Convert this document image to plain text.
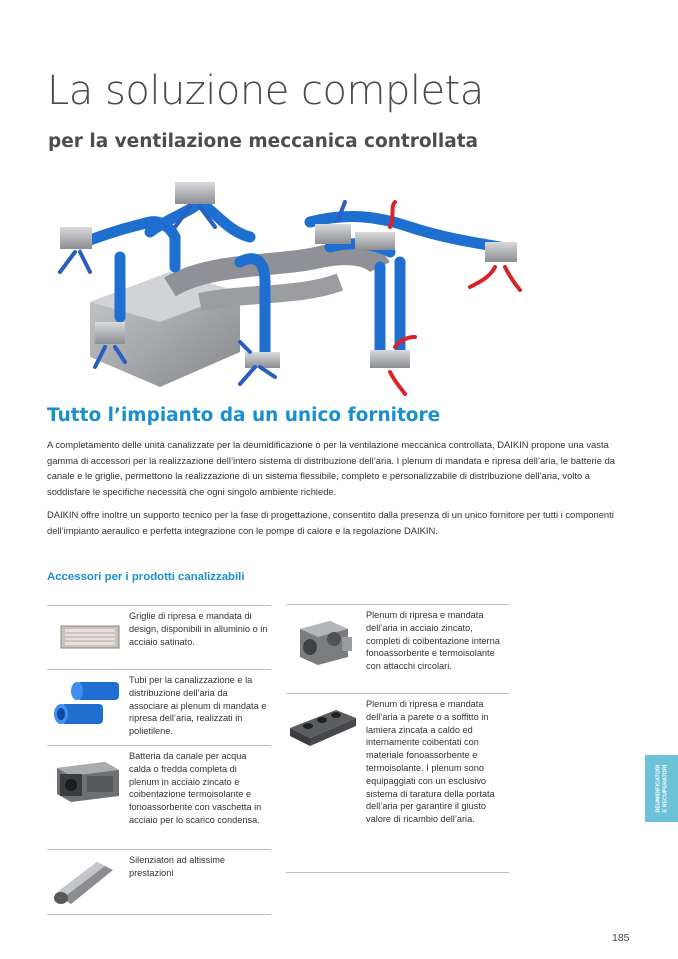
La soluzione completa
per la ventilazione meccanica controllata
Tutto l’impianto da un unico fornitore

A completamento delle unità canalizzate per la deumidificazione o per la ventilazione meccanica controllata, DAIKIN propone una vasta gamma di accessori per la realizzazione dell’intero sistema di distribuzione dell’aria. I plenum di mandata e ripresa dell’aria, le batterie da canale e le griglie, permettono la realizzazione di un sistema flessibile, completo e personalizzabile di distribuzione dell’aria, volto a soddisfare le specifiche necessità che ogni singolo ambiente richiede.

DAIKIN offre inoltre un supporto tecnico per la fase di progettazione, consentito dalla presenza di un unico fornitore per tutti i componenti dell’impianto aeraulico e perfetta integrazione con le pompe di calore e la regolazione DAIKIN.

Accessori per i prodotti canalizzabili

Griglie di ripresa e mandata di design, disponibili in alluminio o in acciaio satinato.

Tubi per la canalizzazione e la distribuzione dell’aria da associare ai plenum di mandata e ripresa dell’aria, realizzati in polietilene.

Batteria da canale per acqua calda o fredda completa di plenum in acciaio zincato e coibentazione termoisolante e fonoassorbente con vaschetta in acciaio per lo scarico condensa.

Silenziatori ad altissime prestazioni

Plenum di ripresa e mandata dell’aria in acciaio zincato, completi di coibentazione interna fonoassorbente e termoisolante con attacchi circolari.

Plenum di ripresa e mandata dell’aria a parete o a soffitto in lamiera zincata a caldo ed internamente coibentati con materiale fonoassorbente e termoisolante. I plenum sono equipaggiati con un esclusivo sistema di taratura della portata dell’aria per garantire il giusto valore di ricambio dell’aria.

DEUMIDIFICATORI E RECUPERATORI
185
